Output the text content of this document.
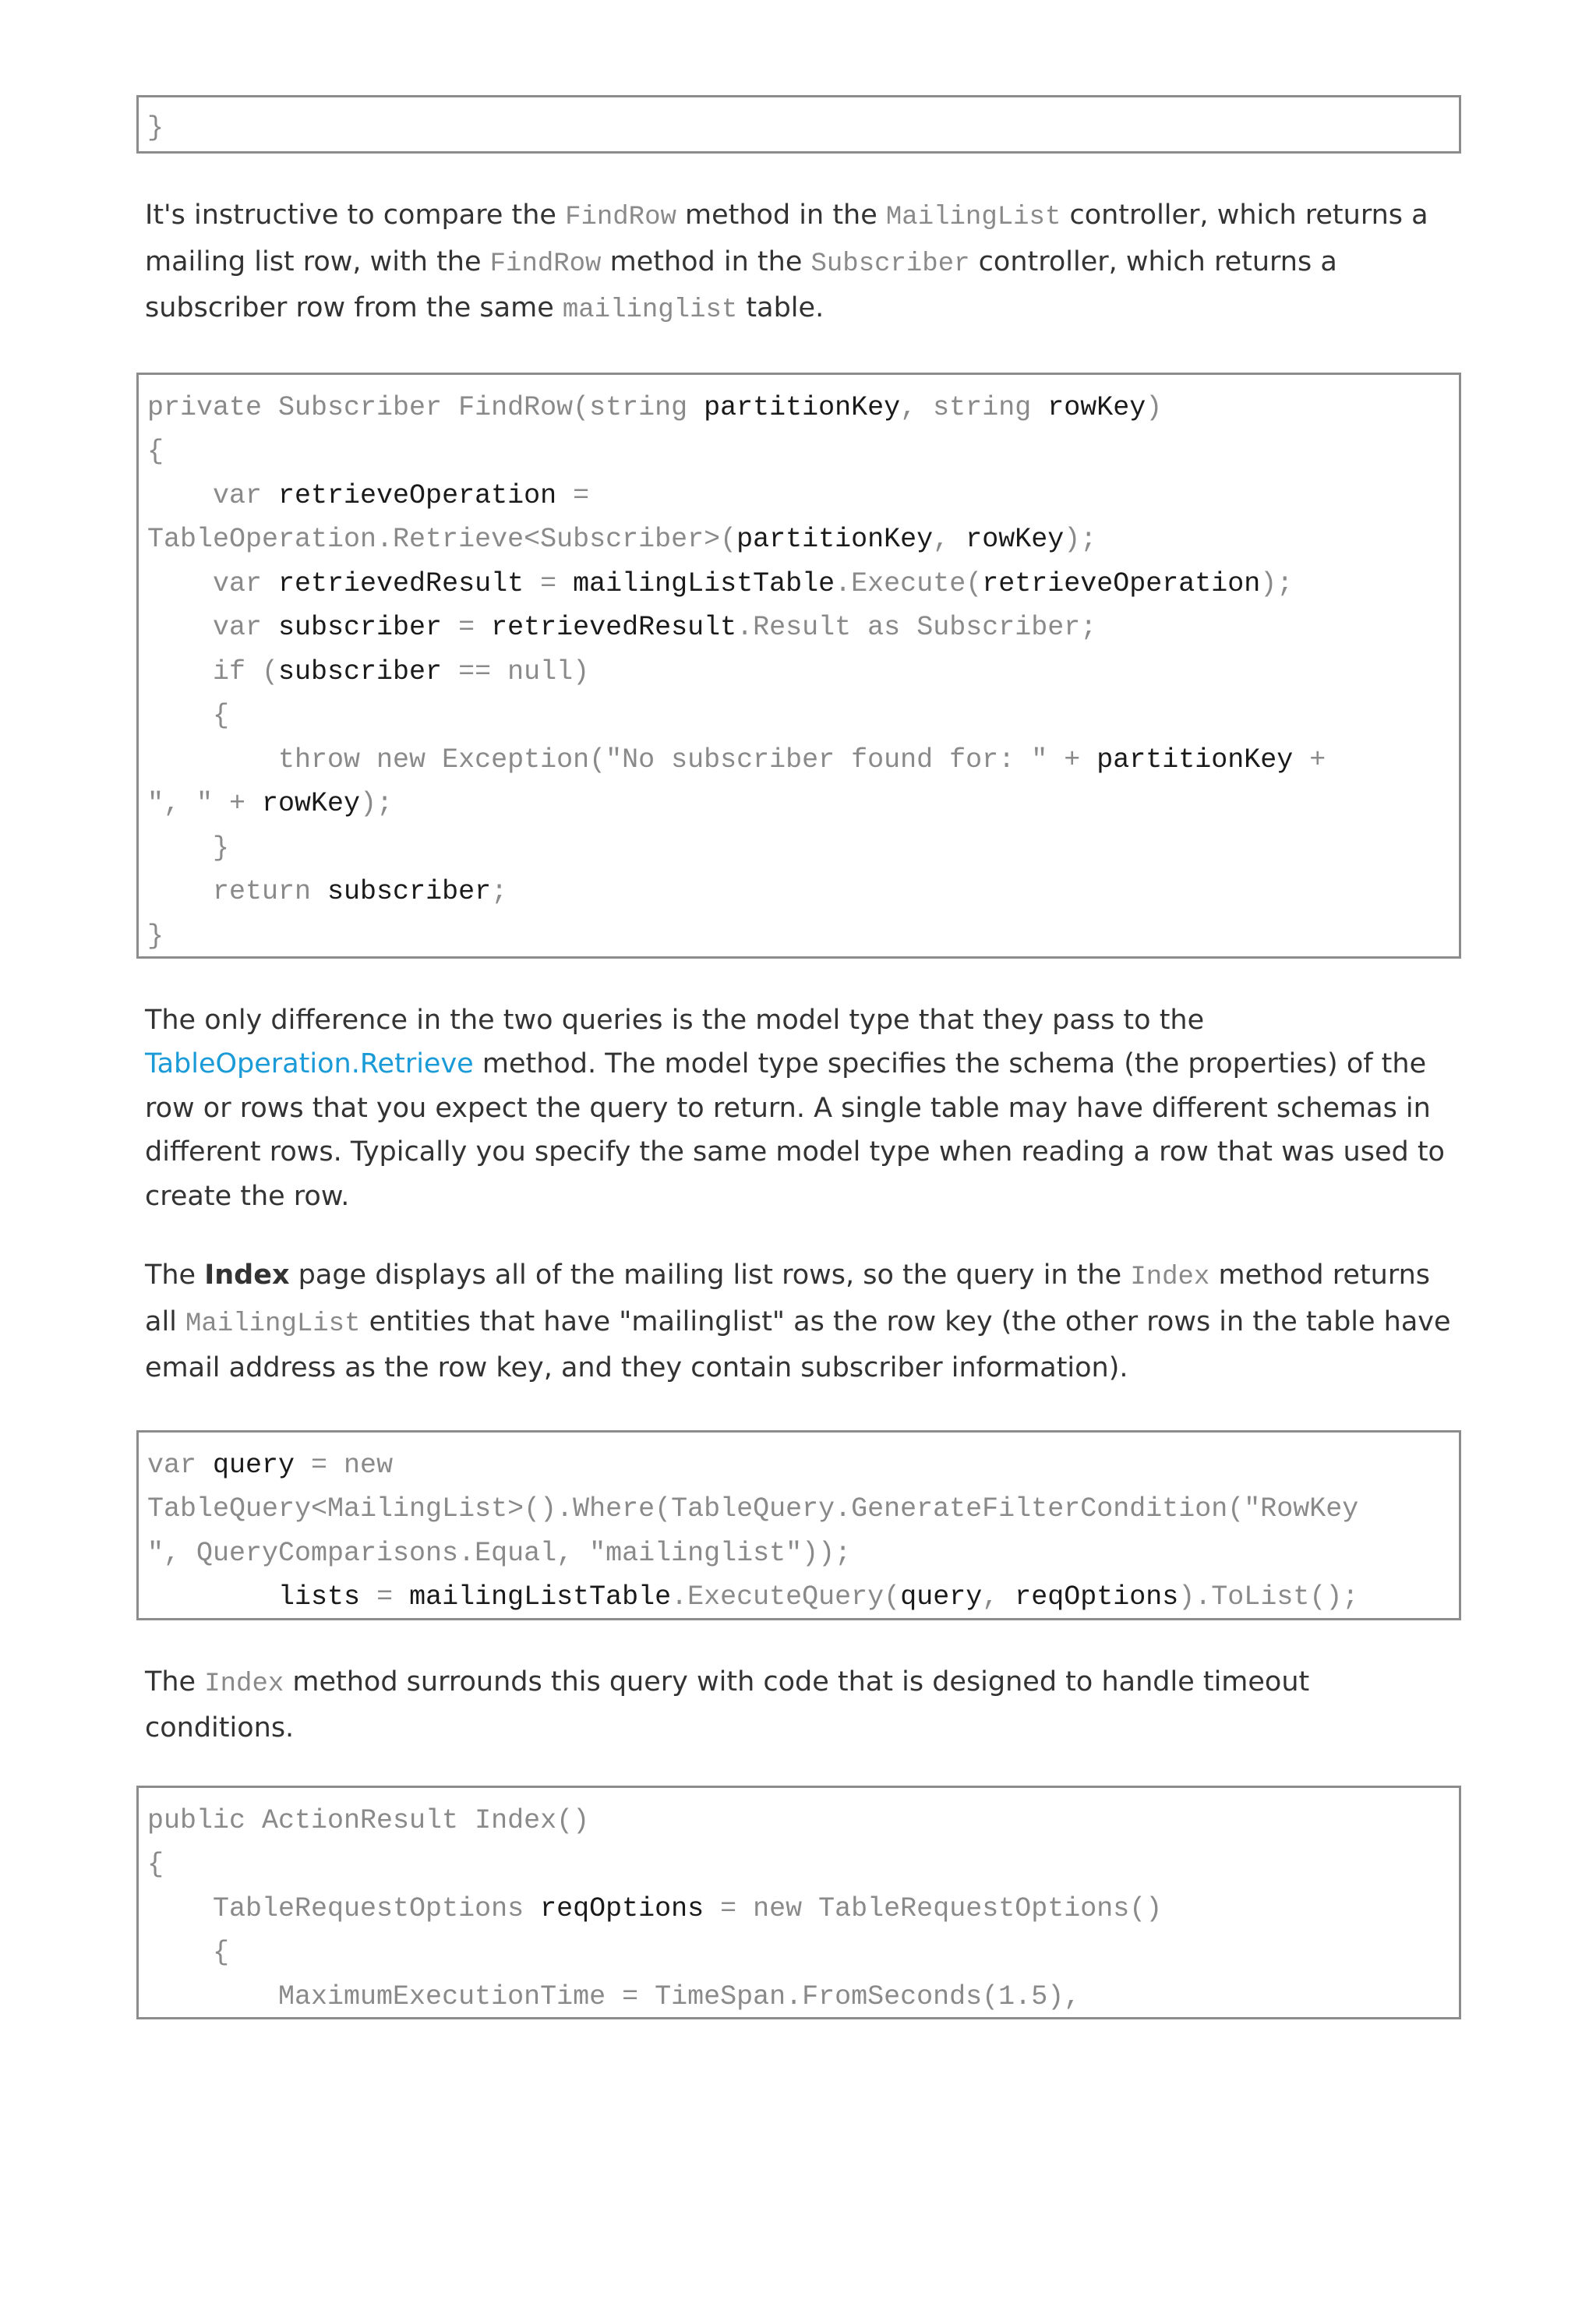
}
It's instructive to compare the FindRow method in the MailingList controller, which returns a mailing list row, with the FindRow method in the Subscriber controller, which returns a subscriber row from the same mailinglist table.
private Subscriber FindRow(string partitionKey, string rowKey)
{
var retrieveOperation =
TableOperation.Retrieve<Subscriber>(partitionKey, rowKey);
var retrievedResult = mailingListTable.Execute(retrieveOperation);
var subscriber = retrievedResult.Result as Subscriber;
if (subscriber == null)
{
throw new Exception("No subscriber found for: " + partitionKey +
", " + rowKey);
}
return subscriber;
}
The only difference in the two queries is the model type that they pass to the TableOperation.Retrieve method. The model type specifies the schema (the properties) of the row or rows that you expect the query to return. A single table may have different schemas in different rows. Typically you specify the same model type when reading a row that was used to create the row.
The Index page displays all of the mailing list rows, so the query in the Index method returns all MailingList entities that have "mailinglist" as the row key (the other rows in the table have email address as the row key, and they contain subscriber information).
var query = new
TableQuery<MailingList>().Where(TableQuery.GenerateFilterCondition("RowKey
", QueryComparisons.Equal, "mailinglist"));
lists = mailingListTable.ExecuteQuery(query, reqOptions).ToList();
The Index method surrounds this query with code that is designed to handle timeout conditions.
public ActionResult Index()
{
TableRequestOptions reqOptions = new TableRequestOptions()
{
MaximumExecutionTime = TimeSpan.FromSeconds(1.5),
